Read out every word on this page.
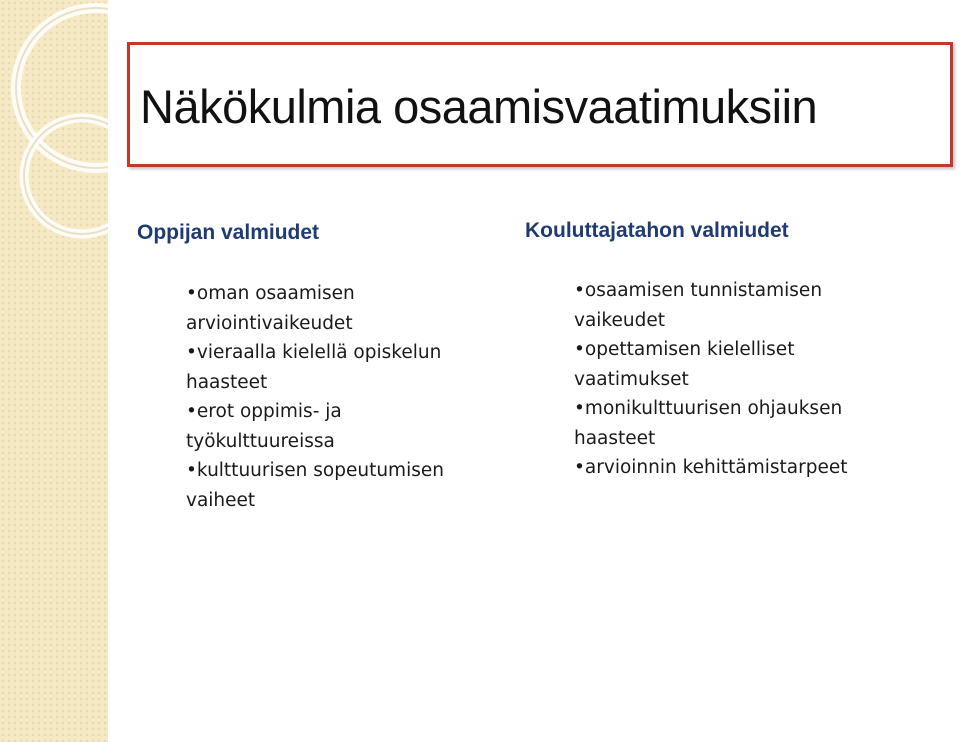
Näkökulmia osaamisvaatimuksiin
Oppijan valmiudet
• oman osaamisen
arviointivaikeudet
• vieraalla kielellä opiskelun
haasteet
• erot oppimis- ja
työkulttuureissa
• kulttuurisen sopeutumisen
vaiheet
Kouluttajatahon valmiudet
• osaamisen tunnistamisen
vaikeudet
• opettamisen kielelliset
vaatimukset
• monikulttuurisen ohjauksen
haasteet
• arvioinnin kehittämistarpeet
